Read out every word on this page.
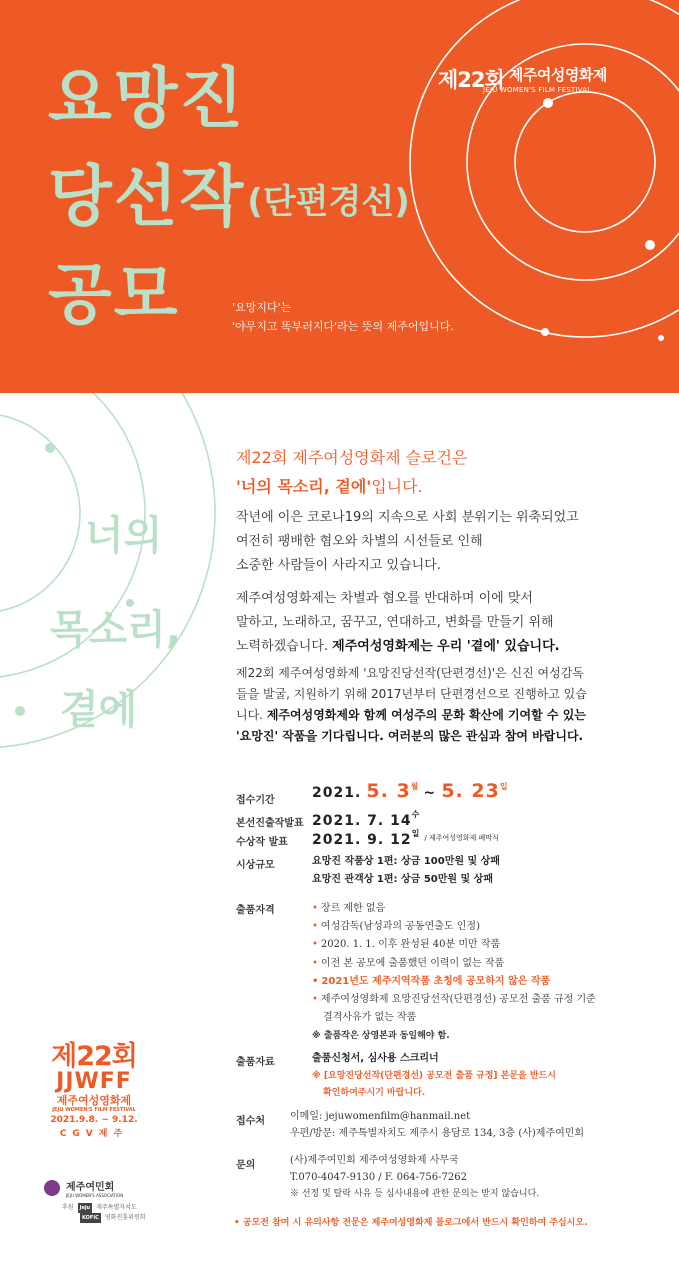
제22회 제주여성영화제
JEJU WOMEN'S FILM FESTIVAL
요망진
당선작(단편경선)
공모	'요망지다'는
'야무지고 똑부러지다'라는 뜻의 제주어입니다.
너의
목소리,
곁에
제22회 제주여성영화제 슬로건은
'너의 목소리, 곁에'입니다.
작년에 이은 코로나19의 지속으로 사회 분위기는 위축되었고
여전히 팽배한 혐오와 차별의 시선들로 인해
소중한 사람들이 사라지고 있습니다.
제주여성영화제는 차별과 혐오를 반대하며 이에 맞서
말하고, 노래하고, 꿈꾸고, 연대하고, 변화를 만들기 위해
노력하겠습니다. 제주여성영화제는 우리 '곁에' 있습니다.
제22회 제주여성영화제 '요망진당선작(단편경선)'은 신진 여성감독
들을 발굴, 지원하기 위해 2017년부터 단편경선으로 진행하고 있습
니다. 제주여성영화제와 함께 여성주의 문화 확산에 기여할 수 있는
'요망진' 작품을 기다립니다. 여러분의 많은 관심과 참여 바랍니다.
접수기간	2021. 5. $3^월$ ~ 5. $23^일$
본선진출작발표 2021. 7. $14^수$
수상작 발표 2021. 9. $12^일$ $^{/ 제주여성영화제 폐막식}$
시상규모	요망진 작품상 1편: 상금 100만원 및 상패
요망진 관객상 1편: 상금 50만원 및 상패
출품자격	• 장르 제한 없음
• 여성감독(남성과의 공동연출도 인정)
• 2020. 1. 1. 이후 완성된 40분 미만 작품
• 이전 본 공모에 출품했던 이력이 없는 작품
• 2021년도 제주지역작품 초청에 공모하지 않은 작품
• 제주여성영화제 요망진당선작(단편경선) 공모전 출품 규정 기준
결격사유가 없는 작품
※ 출품작은 상영본과 동일해야 함.
출품자료	출품신청서, 심사용 스크리너
※ [요망진당선작(단편경선) 공모전 출품 규정] 본문을 반드시
확인하여주시기 바랍니다.
접수처	이메일: jejuwomenfilm@hanmail.net
우편/방문: 제주특별자치도 제주시 용담로 134, 3층 (사)제주여민회
문의	(사)제주여민회 제주여성영화제 사무국
T.070-4047-9130 / F. 064-756-7262
※ 선정 및 탈락 사유 등 심사내용에 관한 문의는 받지 않습니다.
• 공모전 참여 시 유의사항 전문은 제주여성영화제 블로그에서 반드시 확인하여 주십시오.
제22회
JJWFF
제주여성영화제
JEJU WOMEN'S FILM FESTIVAL
2021.9.8. ~ 9.12.
CGV제주
제주여민회
JEJU WOMEN'S ASSOCIATION
후원	Jeju	제주특별자치도
KOFIC	영화진흥위원회
